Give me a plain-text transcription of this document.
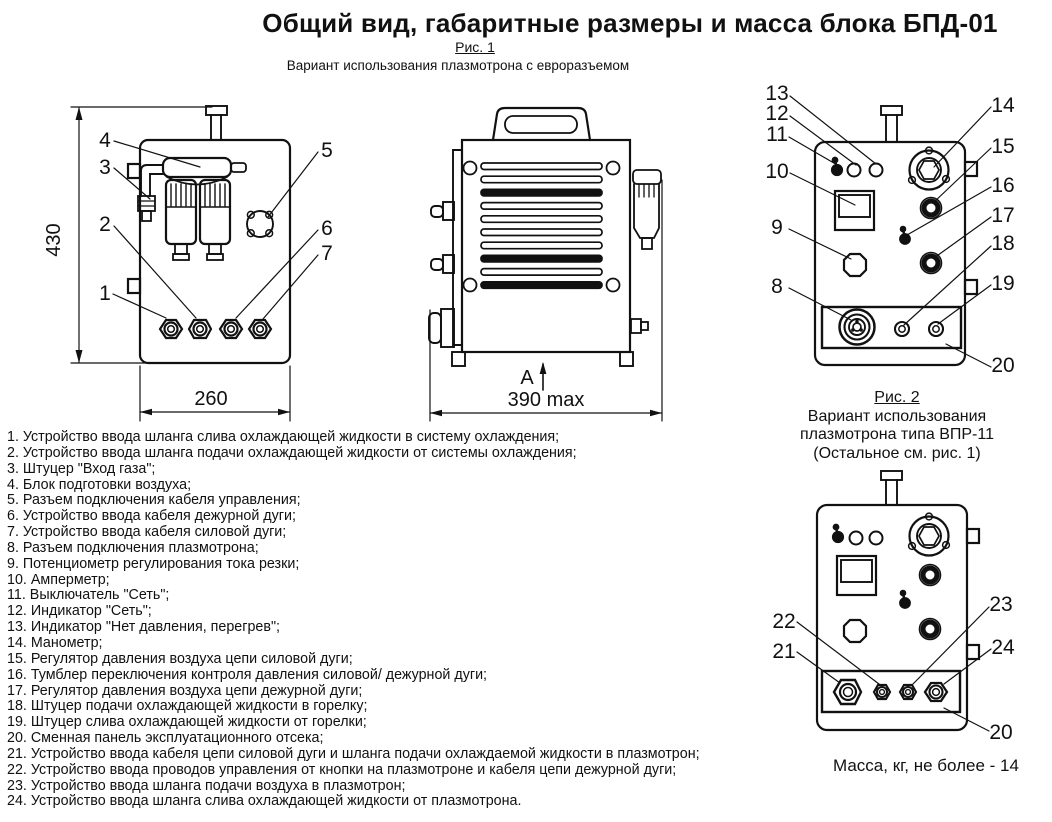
430
260
4
3
2
1
5
6
7
390 max
А
13
12
11
10
9
8
14
15
16
17
18
19
20
22
21
23
24
20
Общий вид, габаритные размеры и масса блока БПД-01
Рис. 1
Вариант использования плазмотрона с евроразъемом
Рис. 2
Вариант использования
плазмотрона типа ВПР-11
(Остальное см. рис. 1)
1. Устройство ввода шланга слива охлаждающей жидкости в систему охлаждения;
2. Устройство ввода шланга подачи охлаждающей жидкости от системы охлаждения;
3. Штуцер "Вход газа";
4. Блок подготовки воздуха;
5. Разъем подключения кабеля управления;
6. Устройство ввода кабеля дежурной дуги;
7. Устройство ввода кабеля силовой дуги;
8. Разъем подключения плазмотрона;
9. Потенциометр регулирования тока резки;
10. Амперметр;
11. Выключатель "Сеть";
12. Индикатор "Сеть";
13. Индикатор "Нет давления, перегрев";
14. Манометр;
15. Регулятор давления воздуха цепи силовой дуги;
16. Тумблер переключения контроля давления силовой/ дежурной дуги;
17. Регулятор давления воздуха цепи дежурной дуги;
18. Штуцер подачи охлаждающей жидкости в горелку;
19. Штуцер слива охлаждающей жидкости от горелки;
20. Сменная панель эксплуатационного отсека;
21. Устройство ввода кабеля цепи силовой дуги и шланга подачи охлаждаемой жидкости в плазмотрон;
22. Устройство ввода проводов управления от кнопки на плазмотроне и кабеля цепи дежурной дуги;
23. Устройство ввода шланга подачи воздуха в плазмотрон;
24. Устройство ввода шланга слива охлаждающей жидкости от плазмотрона.
Масса, кг, не более - 14
